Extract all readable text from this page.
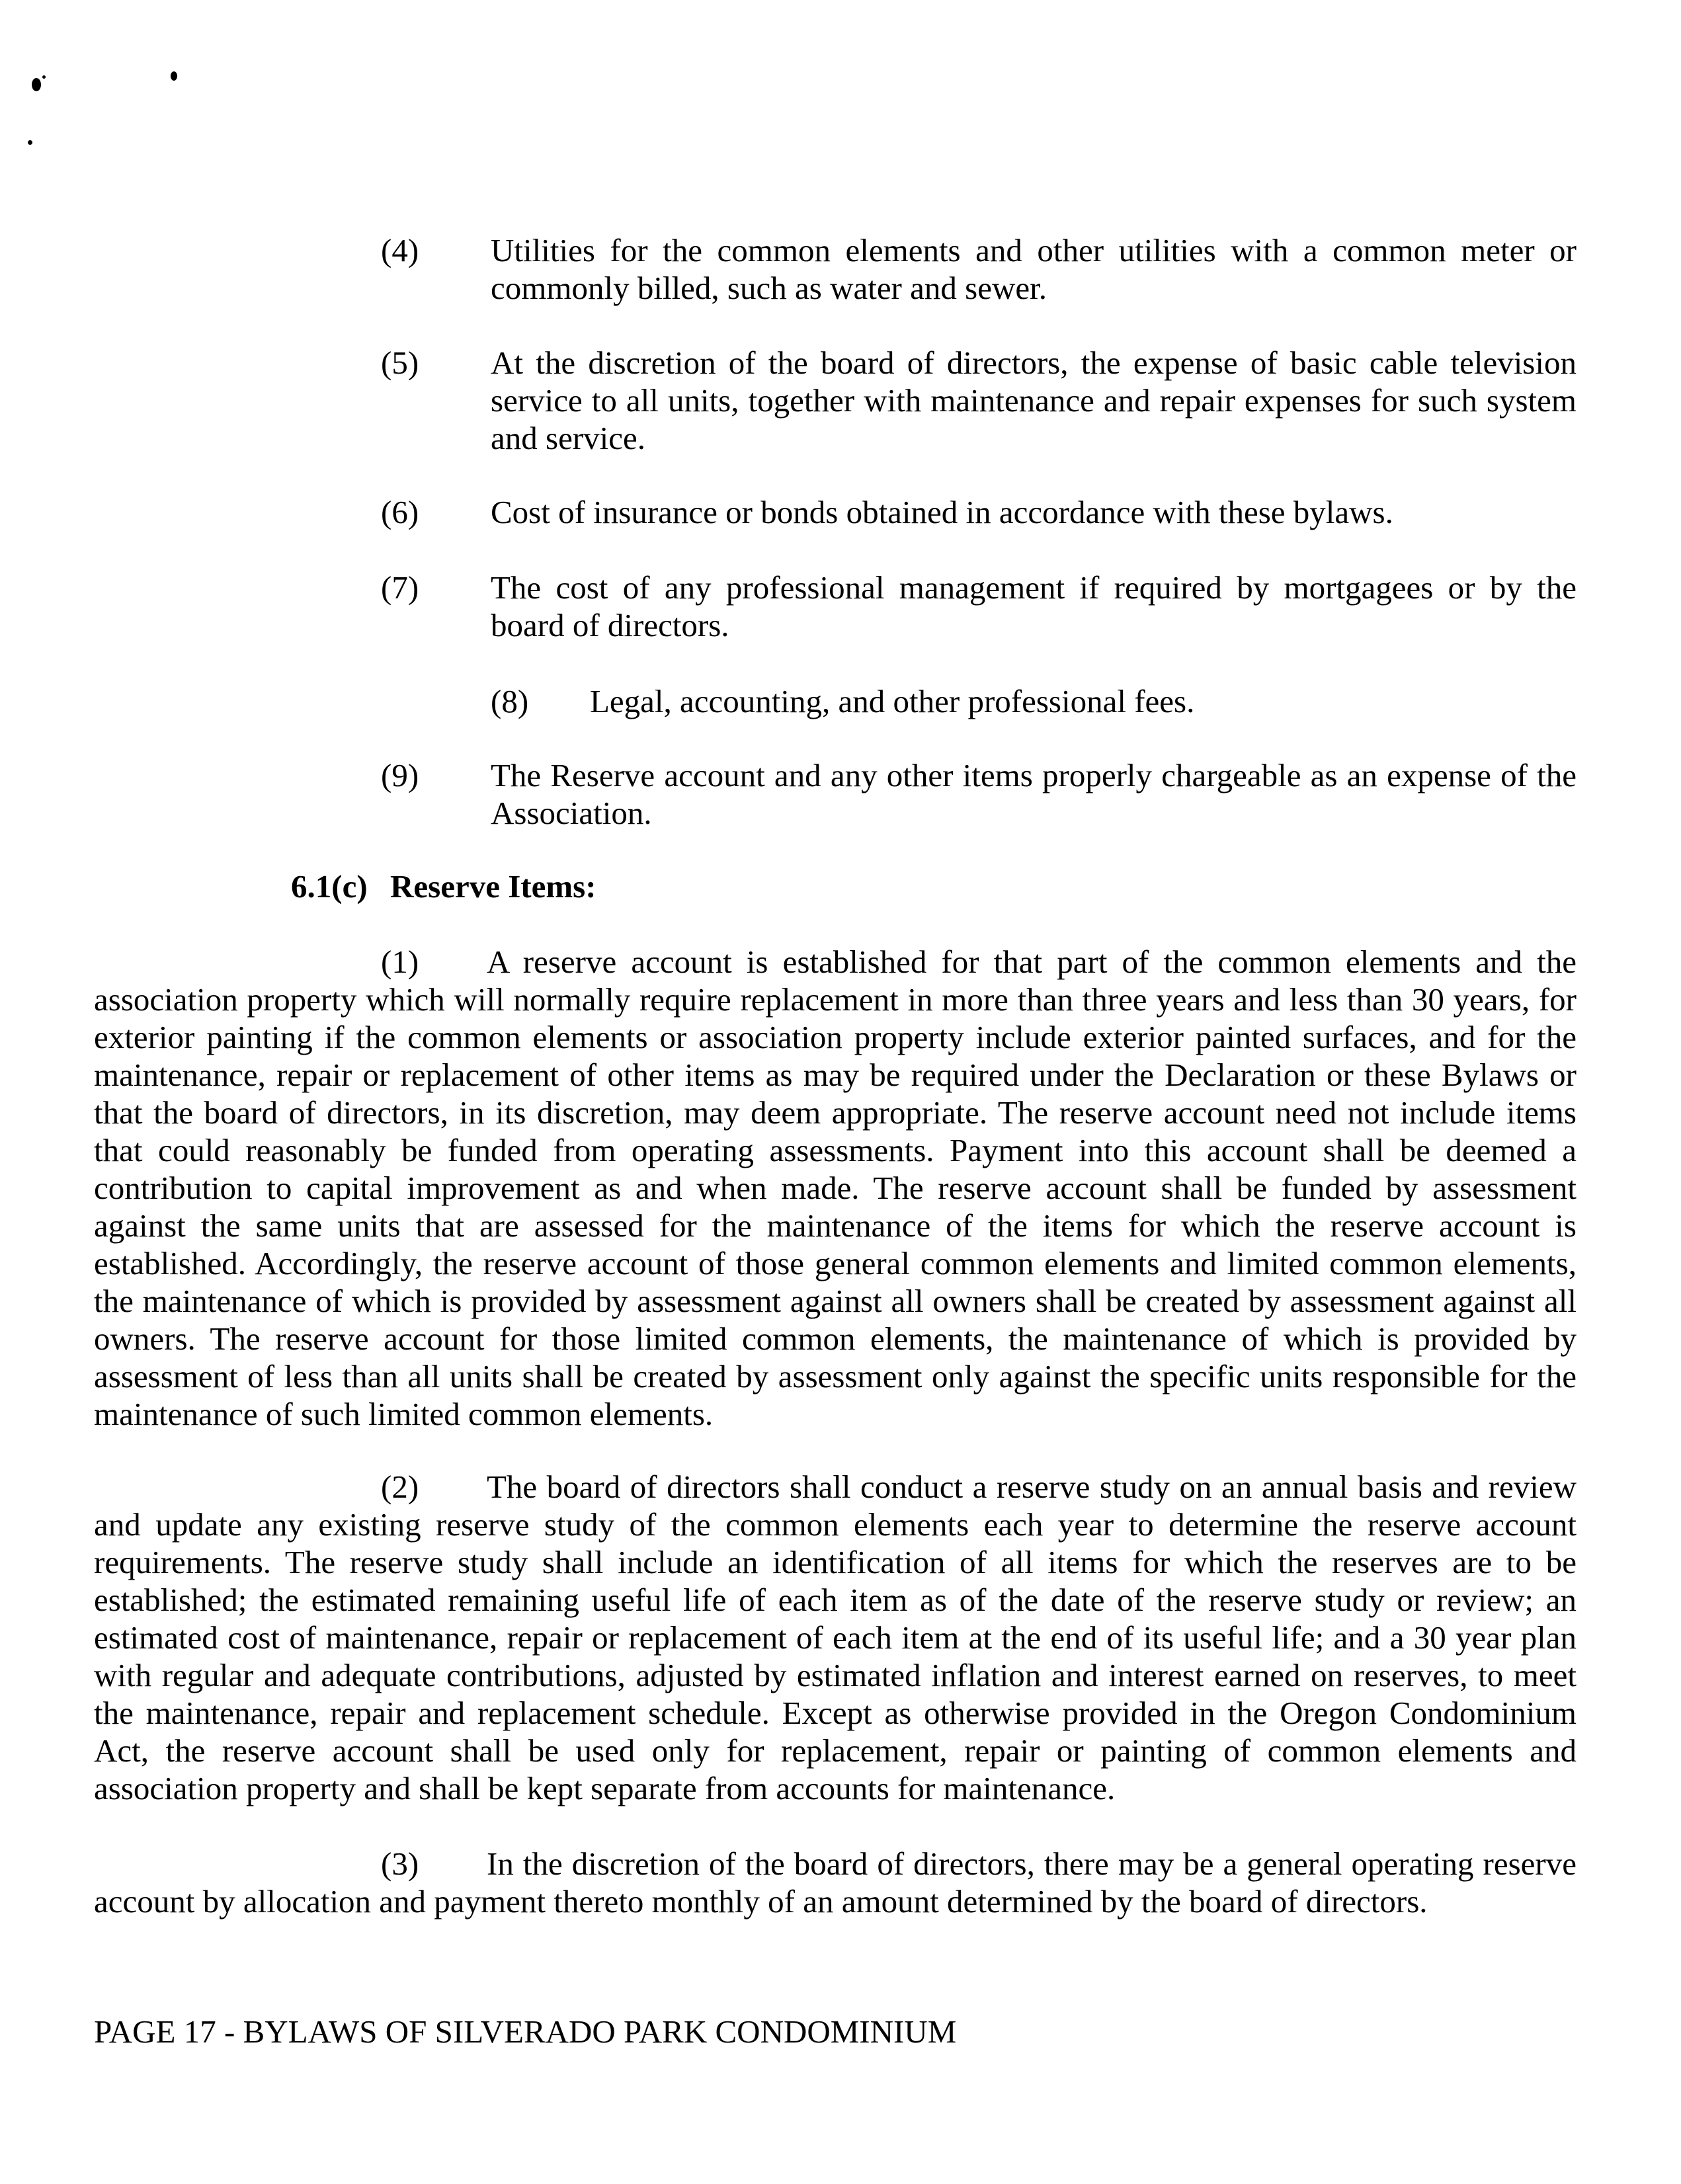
(4) Utilities for the common elements and other utilities with a common meter or commonly billed, such as water and sewer.
(5) At the discretion of the board of directors, the expense of basic cable television service to all units, together with maintenance and repair expenses for such system and service.
(6) Cost of insurance or bonds obtained in accordance with these bylaws.
(7) The cost of any professional management if required by mortgagees or by the board of directors.
(8) Legal, accounting, and other professional fees.
(9) The Reserve account and any other items properly chargeable as an expense of the Association.
6.1(c) Reserve Items:
(1) A reserve account is established for that part of the common elements and the association property which will normally require replacement in more than three years and less than 30 years, for exterior painting if the common elements or association property include exterior painted surfaces, and for the maintenance, repair or replacement of other items as may be required under the Declaration or these Bylaws or that the board of directors, in its discretion, may deem appropriate. The reserve account need not include items that could reasonably be funded from operating assessments. Payment into this account shall be deemed a contribution to capital improvement as and when made. The reserve account shall be funded by assessment against the same units that are assessed for the maintenance of the items for which the reserve account is established. Accordingly, the reserve account of those general common elements and limited common elements, the maintenance of which is provided by assessment against all owners shall be created by assessment against all owners. The reserve account for those limited common elements, the maintenance of which is provided by assessment of less than all units shall be created by assessment only against the specific units responsible for the maintenance of such limited common elements.
(2) The board of directors shall conduct a reserve study on an annual basis and review and update any existing reserve study of the common elements each year to determine the reserve account requirements. The reserve study shall include an identification of all items for which the reserves are to be established; the estimated remaining useful life of each item as of the date of the reserve study or review; an estimated cost of maintenance, repair or replacement of each item at the end of its useful life; and a 30 year plan with regular and adequate contributions, adjusted by estimated inflation and interest earned on reserves, to meet the maintenance, repair and replacement schedule. Except as otherwise provided in the Oregon Condominium Act, the reserve account shall be used only for replacement, repair or painting of common elements and association property and shall be kept separate from accounts for maintenance.
(3) In the discretion of the board of directors, there may be a general operating reserve account by allocation and payment thereto monthly of an amount determined by the board of directors.
PAGE 17 - BYLAWS OF SILVERADO PARK CONDOMINIUM
